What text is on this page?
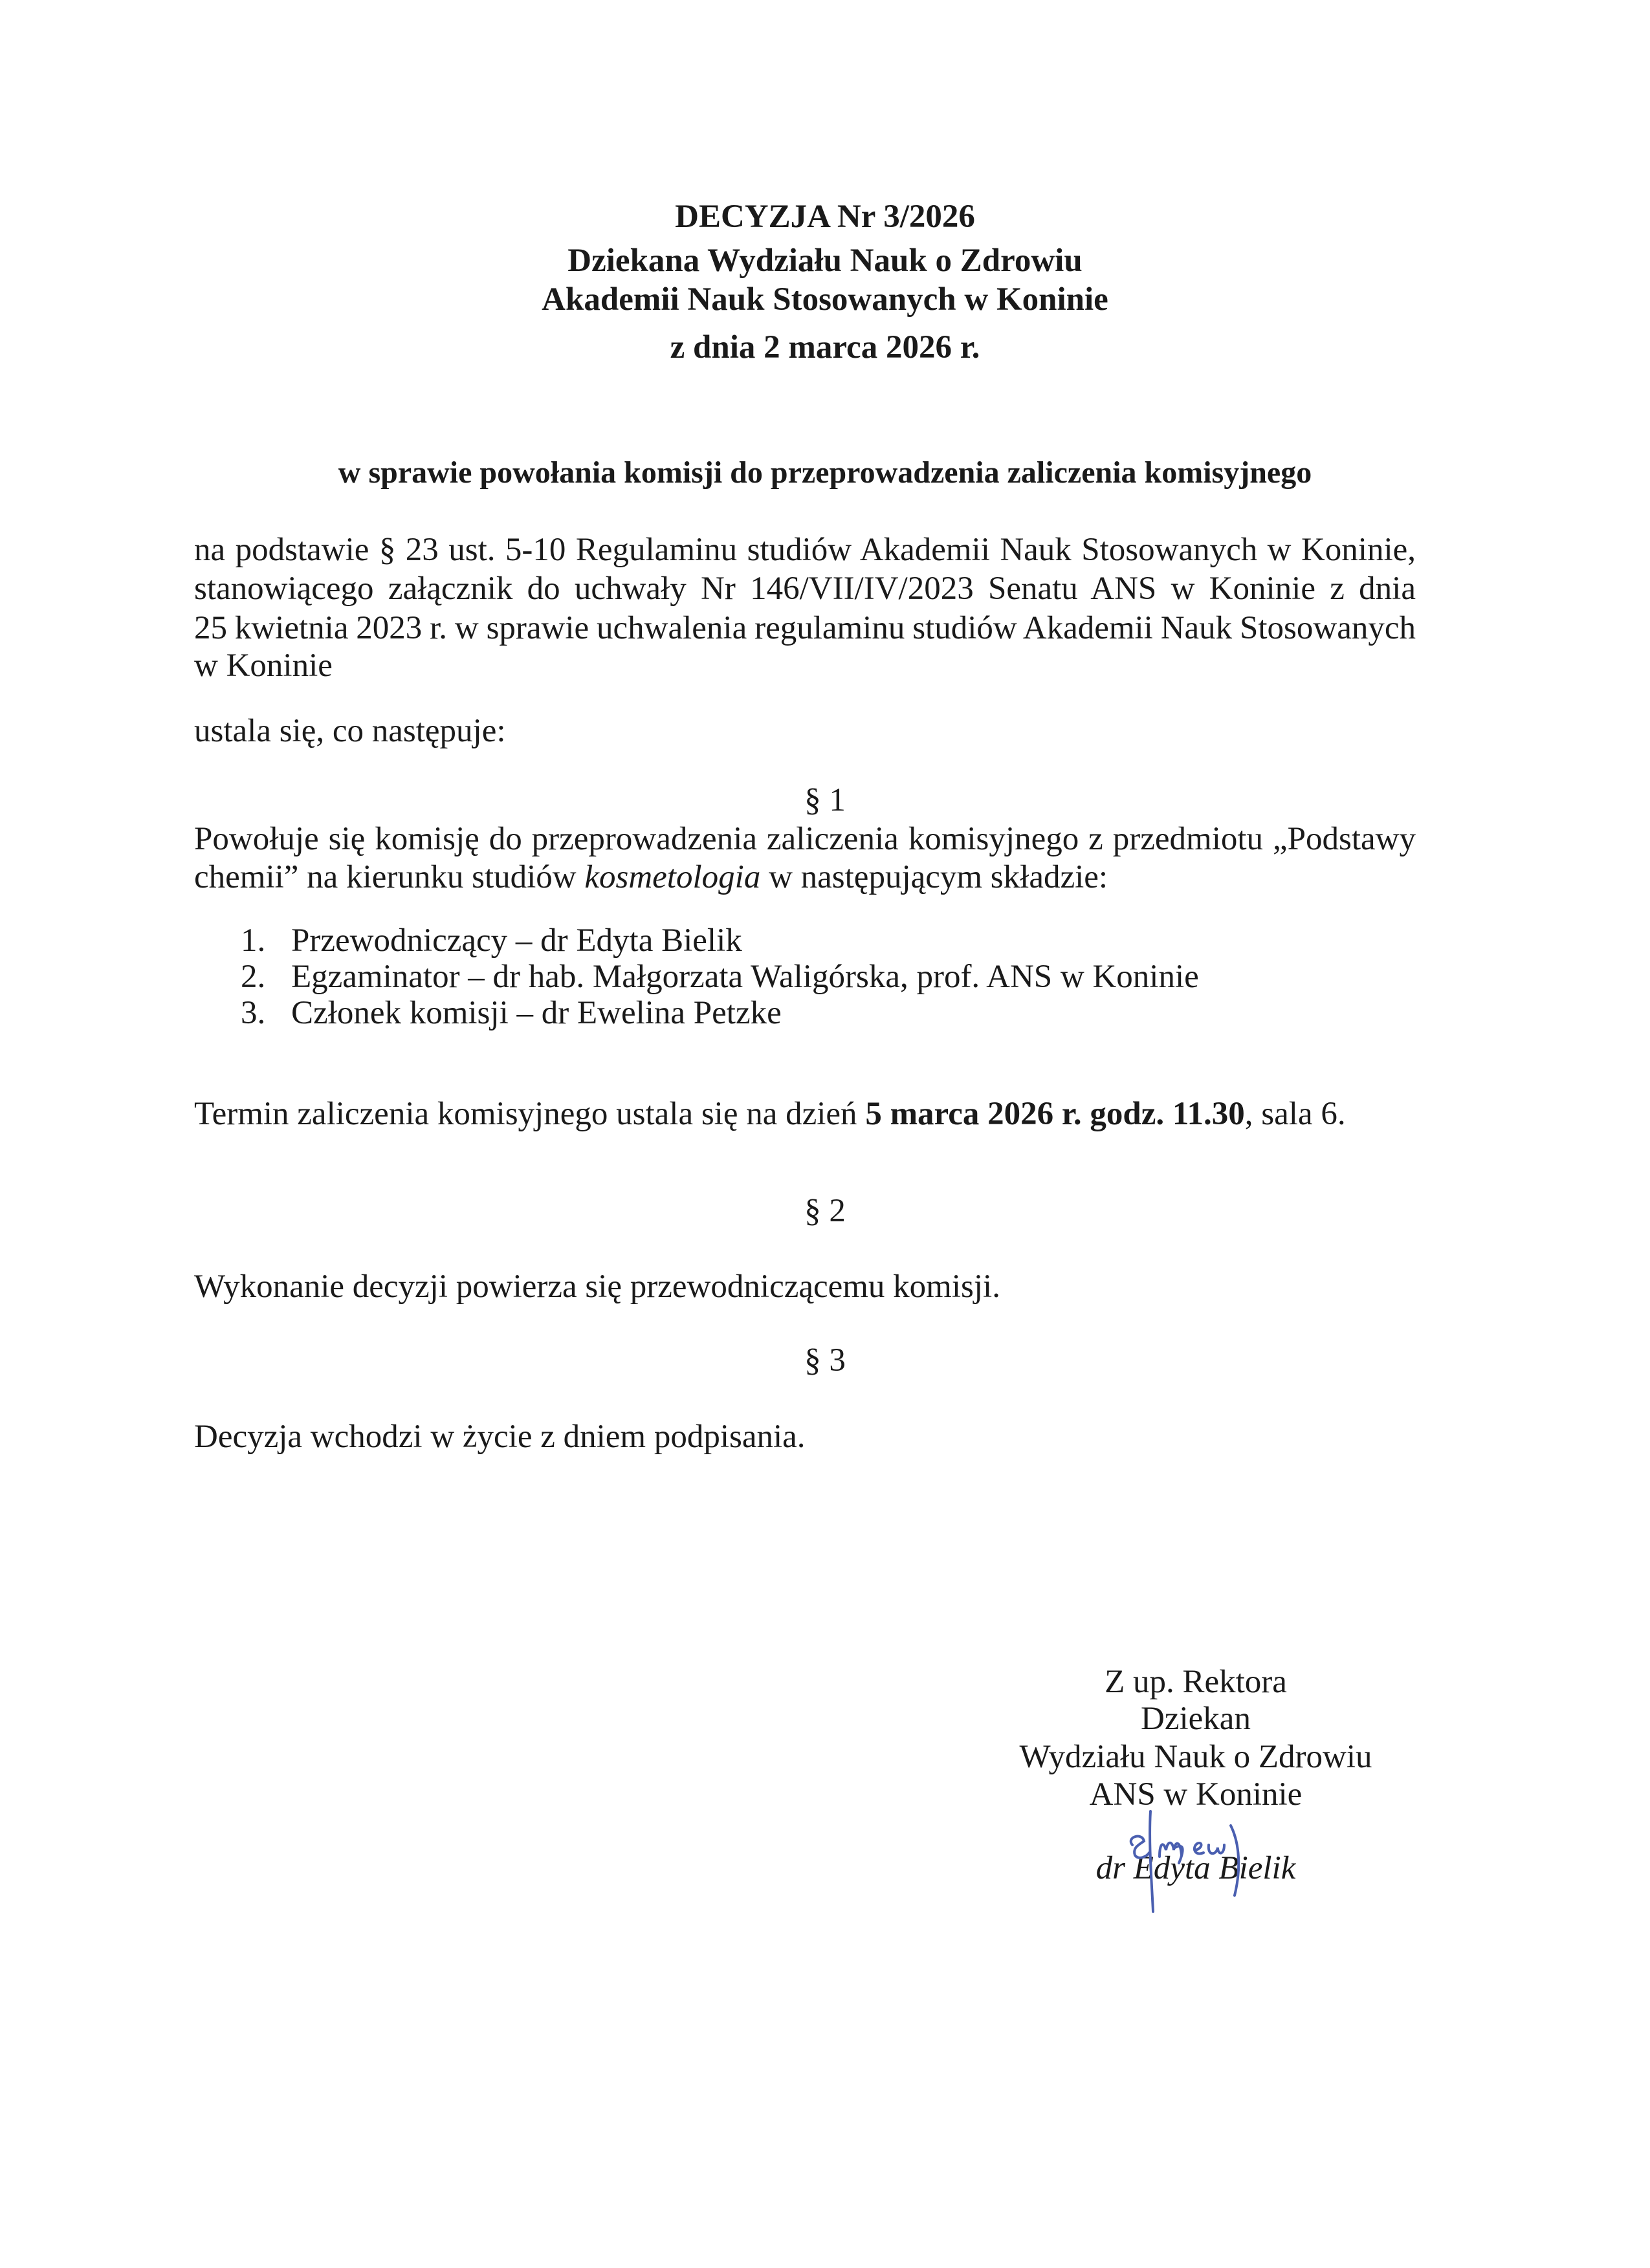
DECYZJA Nr 3/2026
Dziekana Wydziału Nauk o Zdrowiu
Akademii Nauk Stosowanych w Koninie
z dnia 2 marca 2026 r.
w sprawie powołania komisji do przeprowadzenia zaliczenia komisyjnego
na podstawie § 23 ust. 5-10 Regulaminu studiów Akademii Nauk Stosowanych w Koninie,
stanowiącego załącznik do uchwały Nr 146/VII/IV/2023 Senatu ANS w Koninie z dnia
25 kwietnia 2023 r. w sprawie uchwalenia regulaminu studiów Akademii Nauk Stosowanych
w Koninie
ustala się, co następuje:
§ 1
Powołuje się komisję do przeprowadzenia zaliczenia komisyjnego z przedmiotu „Podstawy
chemii” na kierunku studiów kosmetologia w następującym składzie:
1. Przewodniczący – dr Edyta Bielik
2. Egzaminator – dr hab. Małgorzata Waligórska, prof. ANS w Koninie
3. Członek komisji – dr Ewelina Petzke
Termin zaliczenia komisyjnego ustala się na dzień 5 marca 2026 r. godz. 11.30, sala 6.
§ 2
Wykonanie decyzji powierza się przewodniczącemu komisji.
§ 3
Decyzja wchodzi w życie z dniem podpisania.
Z up. Rektora
Dziekan
Wydziału Nauk o Zdrowiu
ANS w Koninie
dr Edyta Bielik
